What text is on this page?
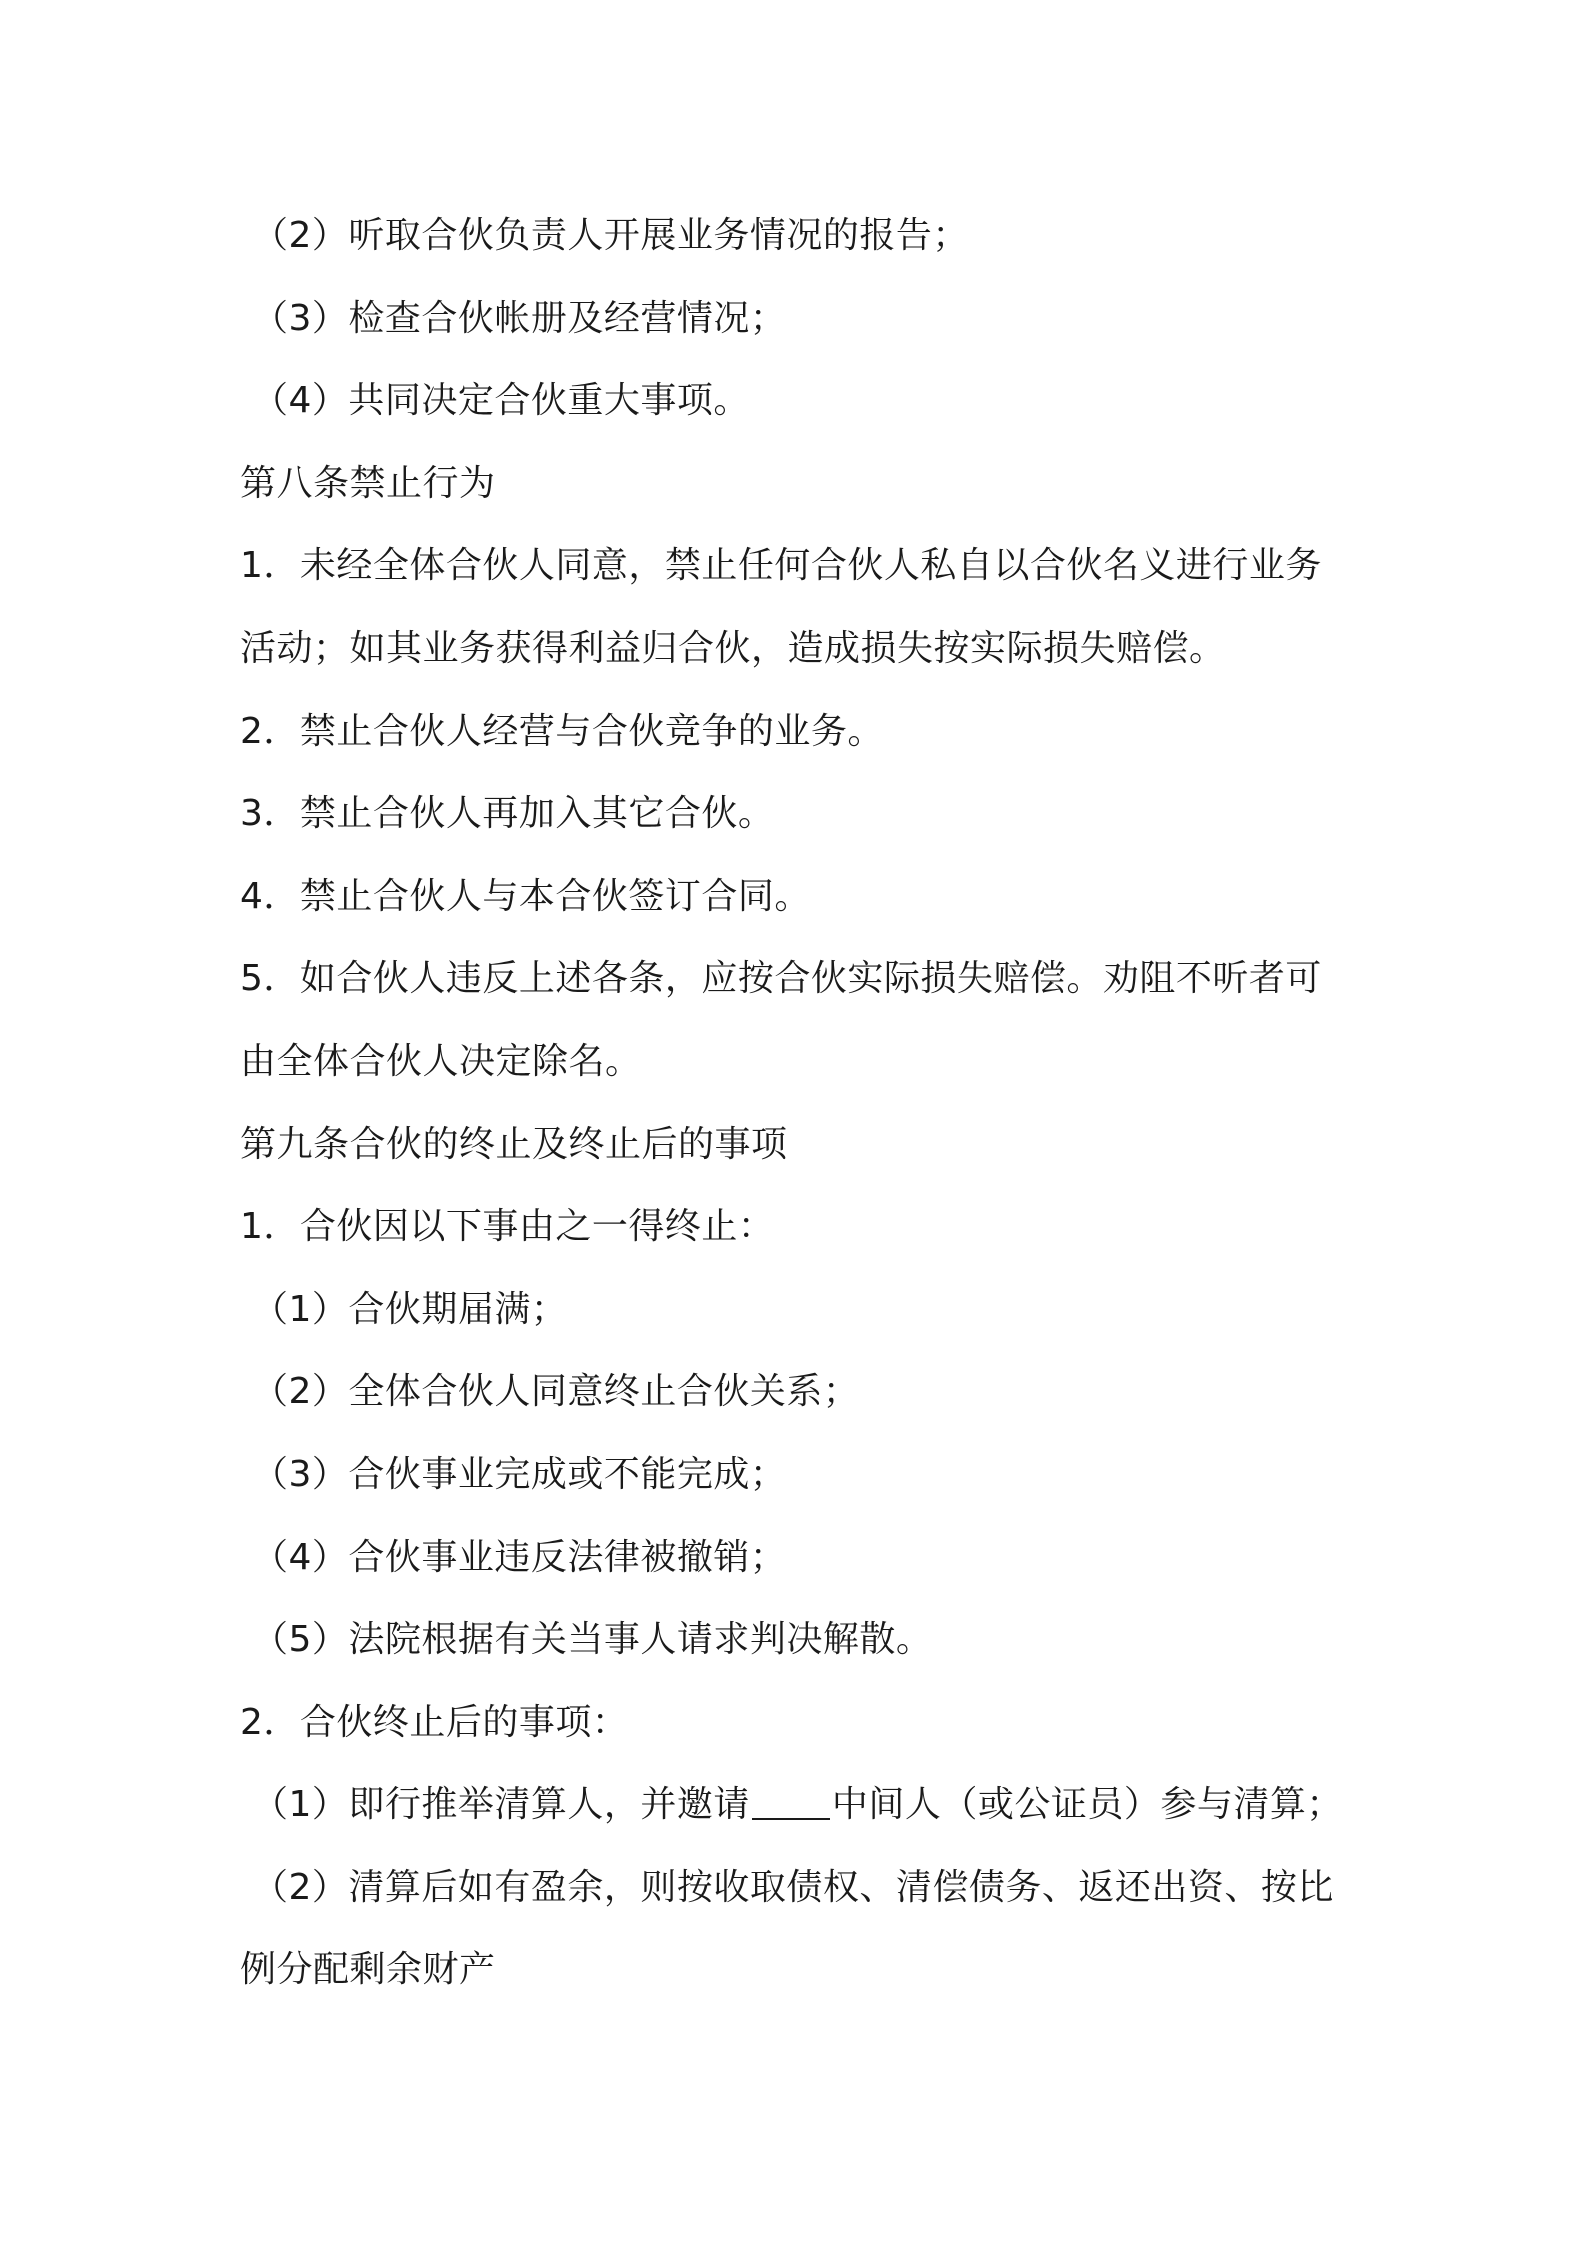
（2）听取合伙负责人开展业务情况的报告；
（3）检查合伙帐册及经营情况；
（4）共同决定合伙重大事项。
第八条禁止行为
1．未经全体合伙人同意，禁止任何合伙人私自以合伙名义进行业务
活动；如其业务获得利益归合伙，造成损失按实际损失赔偿。
2．禁止合伙人经营与合伙竞争的业务。
3．禁止合伙人再加入其它合伙。
4．禁止合伙人与本合伙签订合同。
5．如合伙人违反上述各条，应按合伙实际损失赔偿。劝阻不听者可
由全体合伙人决定除名。
第九条合伙的终止及终止后的事项
1．合伙因以下事由之一得终止：
（1）合伙期届满；
（2）全体合伙人同意终止合伙关系；
（3）合伙事业完成或不能完成；
（4）合伙事业违反法律被撤销；
（5）法院根据有关当事人请求判决解散。
2．合伙终止后的事项：
（1）即行推举清算人，并邀请 中间人（或公证员）参与清算；
（2）清算后如有盈余，则按收取债权、清偿债务、返还出资、按比
例分配剩余财产
